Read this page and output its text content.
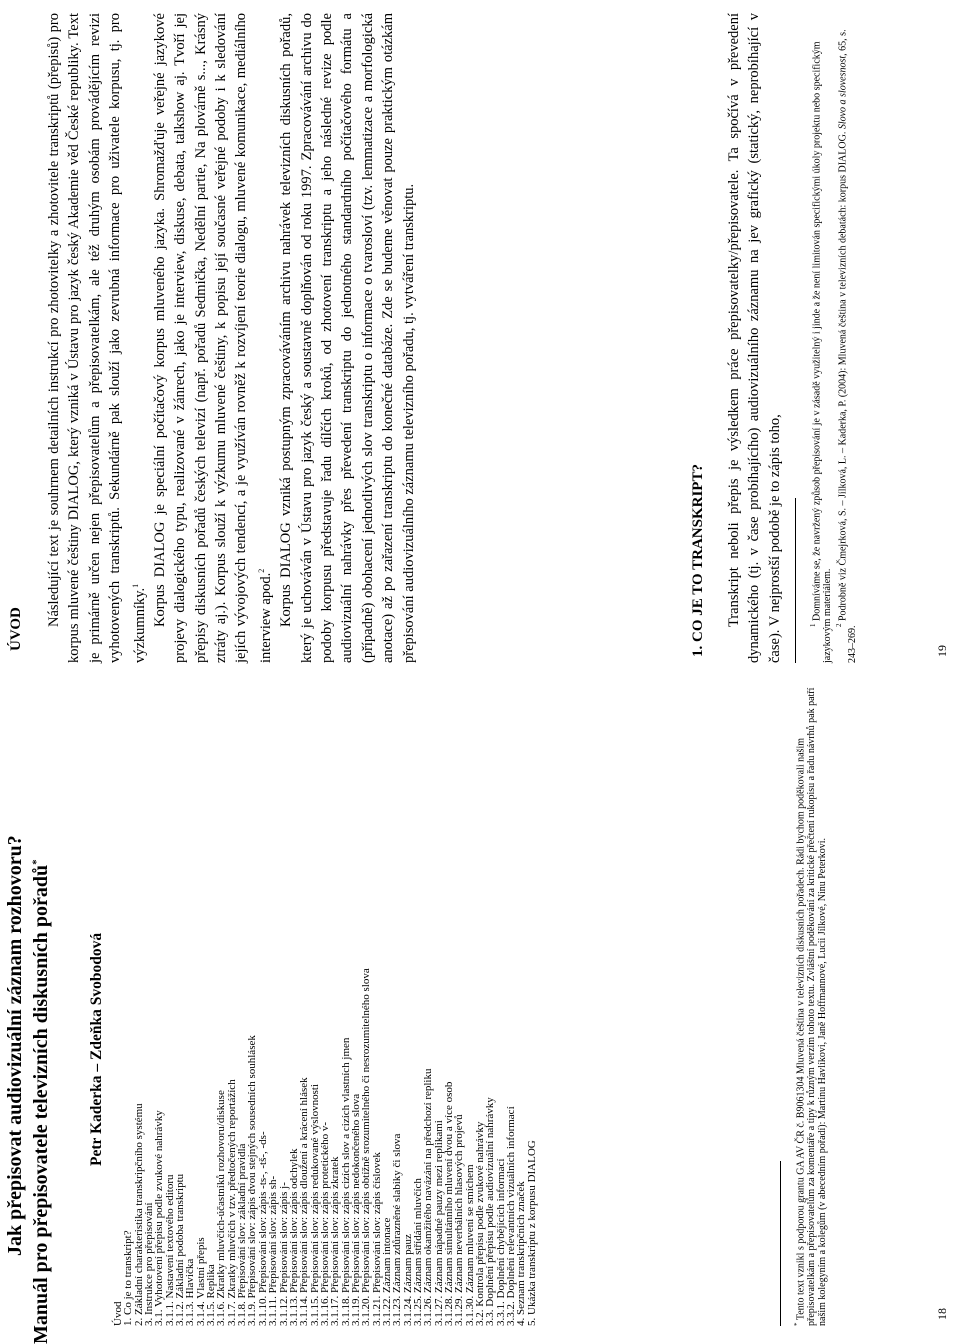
Jak přepisovat audiovizuální záznam rozhovoru? Manuál pro přepisovatele televizních diskusních pořadů*
Petr Kaderka – Zdeňka Svobodová
Úvod
1. Co je to transkript?
2. Základní charakteristika transkripčního systému
3. Instrukce pro přepisování
3.1. Vyhotovení přepisu podle zvukové nahrávky
3.1.1. Nastavení textového editoru
3.1.2. Základní podoba transkriptu
3.1.3. Hlavička
3.1.4. Vlastní přepis
3.1.5. Replika
3.1.6. Zkratky mluvčích-účastníků rozhovoru/diskuse
3.1.7. Zkratky mluvčích v tzv. předtočených reportážích
3.1.8. Přepisování slov: základní pravidla
3.1.9. Přepisování slov: zápis dvou stejných sousedních souhlásek
3.1.10. Přepisování slov: zápis -ts-, -tš-, -ds-
3.1.11. Přepisování slov: zápis sh-
3.1.12. Přepisování slov: zápis j-
3.1.13. Přepisování slov: zápis odchylek
3.1.14. Přepisování slov: zápis dloužení a krácení hlásek
3.1.15. Přepisování slov: zápis redukované výslovnosti
3.1.16. Přepisování slov: zápis protetického v-
3.1.17. Přepisování slov: zápis zkratek
3.1.18. Přepisování slov: zápis cizích slov a cizích vlastních jmen
3.1.19. Přepisování slov: zápis nedokončeného slova
3.1.20. Přepisování slov: zápis obtížně srozumitelného či nesrozumitelného slova
3.1.21. Přepisování slov: zápis číslovek
3.1.22. Záznam intonace
3.1.23. Záznam zdůrazněné slabiky či slova
3.1.24. Záznam pauz
3.1.25. Záznam střídání mluvčích
3.1.26. Záznam okamžitého navázání na předchozí repliku
3.1.27. Záznam nápadné pauzy mezi replikami
3.1.28. Záznam simultánního mluvení dvou a více osob
3.1.29. Záznam neverbálních hlasových projevů
3.1.30. Záznam mluvení se smíchem
3.2. Kontrola přepisu podle zvukové nahrávky
3.3. Doplnění přepisu podle audiovizuální nahrávky
3.3.1. Doplnění chybějících informací
3.3.2. Doplnění relevantních vizuálních informací
4. Seznam transkripčních značek
5. Ukázka transkriptu z korpusu DIALOG	* Tento text vznikl s podporou grantu GA AV ČR č. B9061304 Mluvená čeština v televizních diskusních pořadech. Rádi bychom poděkovali našim přepisovatelkám a přepisovatelům za komentáře a tipy k různým verzím tohoto textu. Zvláštní poděkování za kritické přečtení rukopisu a řadu návrhů pak patří našim kolegyním a kolegům (v abecedním pořadí): Martinu Havlíkovi, Janě Hoffmannové, Lucii Jílkové, Ninu Peterkovi.	18
ÚVOD
Následující text je souhrnem detailních instrukcí pro zhotovitelky a zhotovitele transkriptů (přepisů) pro korpus mluvené češtiny DIALOG, který vzniká v Ústavu pro jazyk český Akademie věd České republiky. Text je primárně určen nejen přepisovatelům a přepisovatelkám, ale též druhým osobám provádějícím revizi vyhotovených transkriptů. Sekundárně pak slouží jako zevrubná informace pro uživatele korpusu, tj. pro výzkumníky.$^1$ Korpus DIALOG je speciální počítačový korpus mluveného jazyka. Shromažďuje veřejné jazykové projevy dialogického typu, realizované v žánrech, jako je interview, diskuse, debata, talkshow aj. Tvoří jej přepisy diskusních pořadů českých televizí (např. pořadů Sedmička, Nedělní partie, Na plovárně s..., Krásný ztráty aj.). Korpus slouží k výzkumu mluvené češtiny, k popisu její současné veřejné podoby i k sledování jejích vývojových tendencí, a je využíván rovněž k rozvíjení teorie dialogu, mluvené komunikace, mediálního interview apod.$^2$ Korpus DIALOG vzniká postupným zpracováváním archivu nahrávek televizních diskusních pořadů, který je uchováván v Ústavu pro jazyk český a soustavně doplňován od roku 1997. Zpracovávání archivu do podoby korpusu představuje řadu dílčích kroků, od zhotovení transkriptu a jeho následné revize podle audiovizuální nahrávky přes převedení transkriptu do jednotného standardního počítačového formátu a (případně) obohacení jednotlivých slov transkriptu o informace o tvarosloví (tzv. lemmatizace a morfologická anotace) až po zařazení transkriptu do konečné databáze. Zde se budeme věnovat pouze praktickým otázkám přepisování audiovizuálního záznamu televizního pořadu, tj. vytváření transkriptu.	1. CO JE TO TRANSKRIPT? Transkript neboli přepis je výsledkem práce přepisovatelky/přepisovatele. Ta spočívá v převedení dynamického (tj. v čase probíhajícího) audiovizuálního záznamu na jev grafický (statický, neprobíhající v čase). V nejprostší podobě je to zápis toho,	$^1$ Domníváme se, že navržený způsob přepisování je v zásadě využitelný i jinde a že není limitován specifickými úkoly projektu nebo specifickým jazykovým materiálem. $^2$ Podrobně viz Čmejrková, S. – Jílková, L. – Kaderka, P. (2004): Mluvená čeština v televizních debatách: korpus DIALOG. Slovo a slovesnost, 65, s. 243–269.	19
